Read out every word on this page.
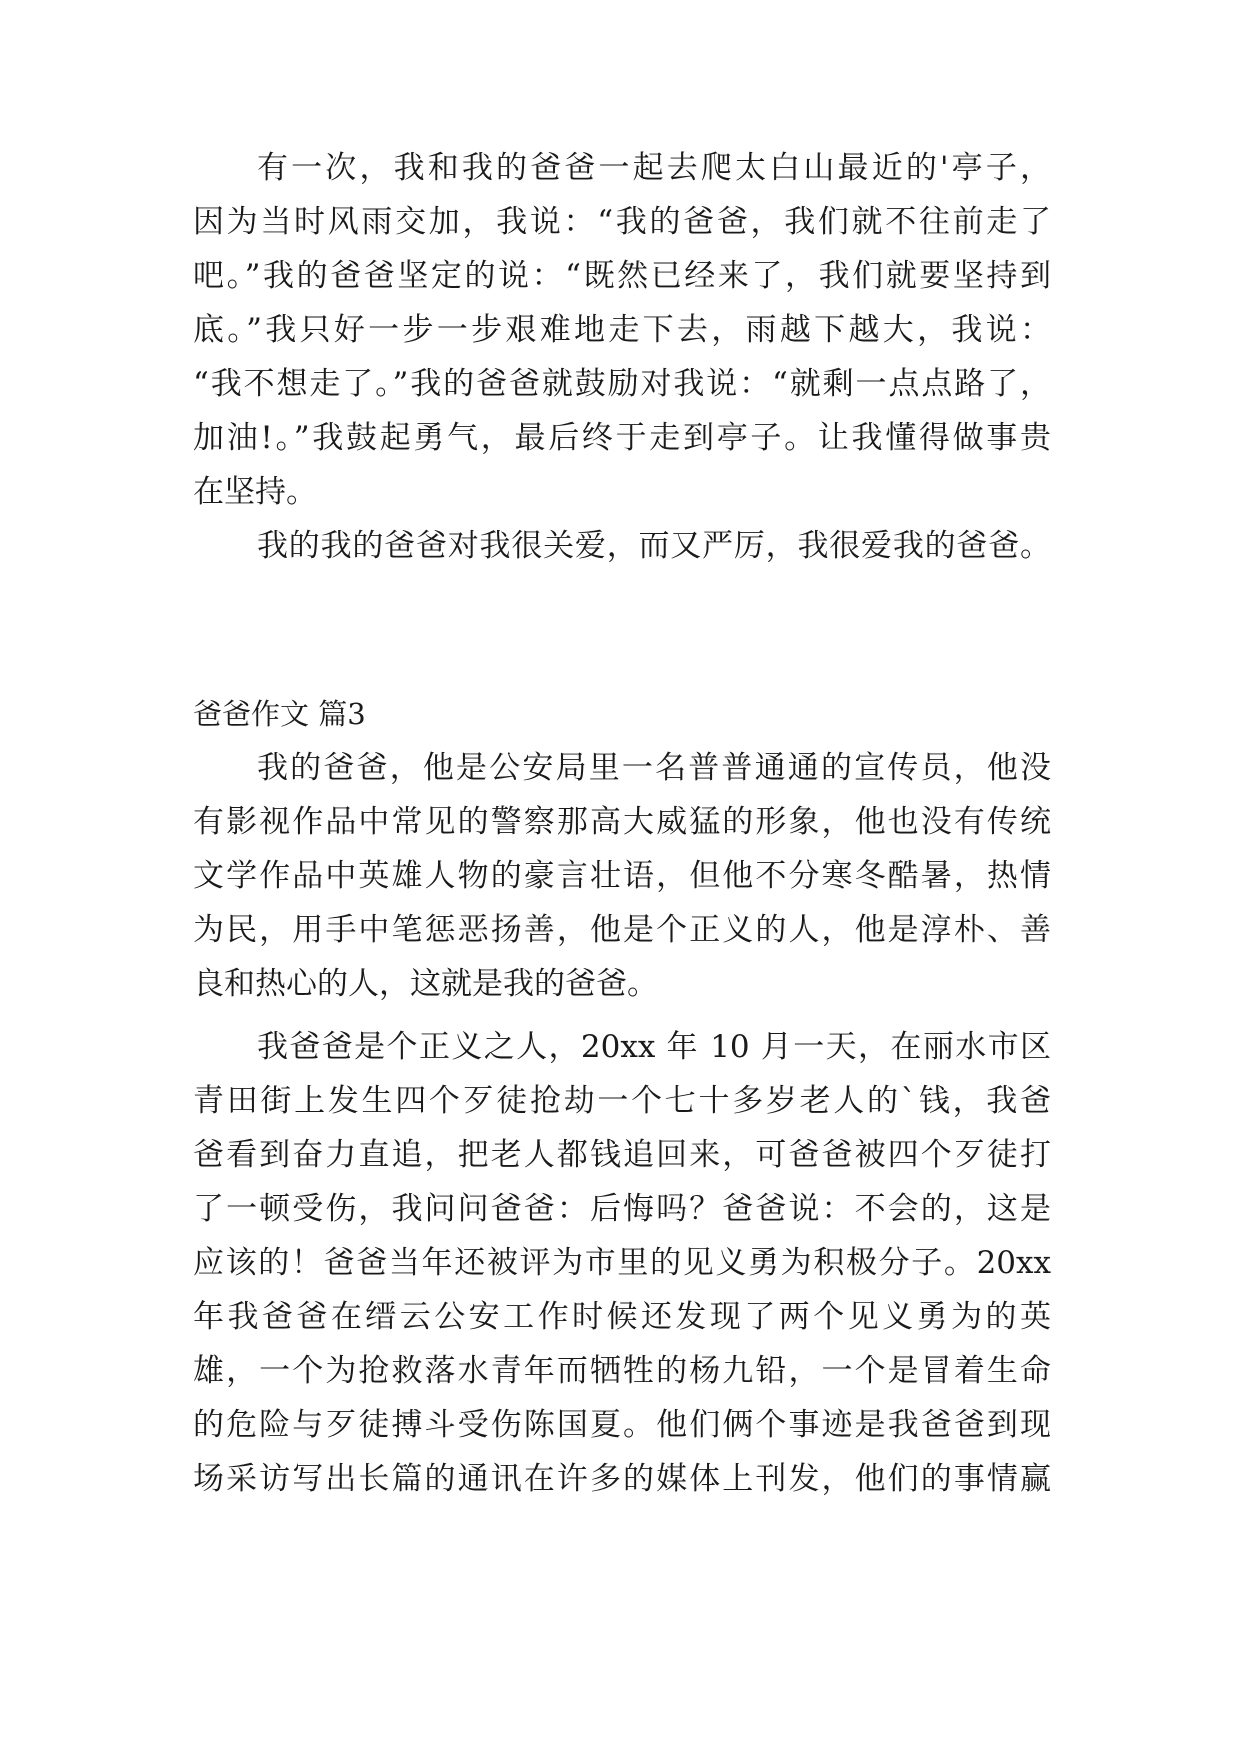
有一次，我和我的爸爸一起去爬太白山最近的'亭子，
因为当时风雨交加，我说：“我的爸爸，我们就不往前走了
吧。”我的爸爸坚定的说：“既然已经来了，我们就要坚持到
底。”我只好一步一步艰难地走下去，雨越下越大，我说：
“我不想走了。”我的爸爸就鼓励对我说：“就剩一点点路了，
加油!。”我鼓起勇气，最后终于走到亭子。让我懂得做事贵
在坚持。
我的我的爸爸对我很关爱，而又严厉，我很爱我的爸爸。
爸爸作文 篇3
我的爸爸，他是公安局里一名普普通通的宣传员，他没
有影视作品中常见的警察那高大威猛的形象，他也没有传统
文学作品中英雄人物的豪言壮语，但他不分寒冬酷暑，热情
为民，用手中笔惩恶扬善，他是个正义的人，他是淳朴、善
良和热心的人，这就是我的爸爸。
我爸爸是个正义之人，20xx 年 10 月一天，在丽水市区
青田街上发生四个歹徒抢劫一个七十多岁老人的`钱，我爸
爸看到奋力直追，把老人都钱追回来，可爸爸被四个歹徒打
了一顿受伤，我问问爸爸：后悔吗？爸爸说：不会的，这是
应该的！爸爸当年还被评为市里的见义勇为积极分子。20xx
年我爸爸在缙云公安工作时候还发现了两个见义勇为的英
雄，一个为抢救落水青年而牺牲的杨九铅，一个是冒着生命
的危险与歹徒搏斗受伤陈国夏。他们俩个事迹是我爸爸到现
场采访写出长篇的通讯在许多的媒体上刊发，他们的事情赢
